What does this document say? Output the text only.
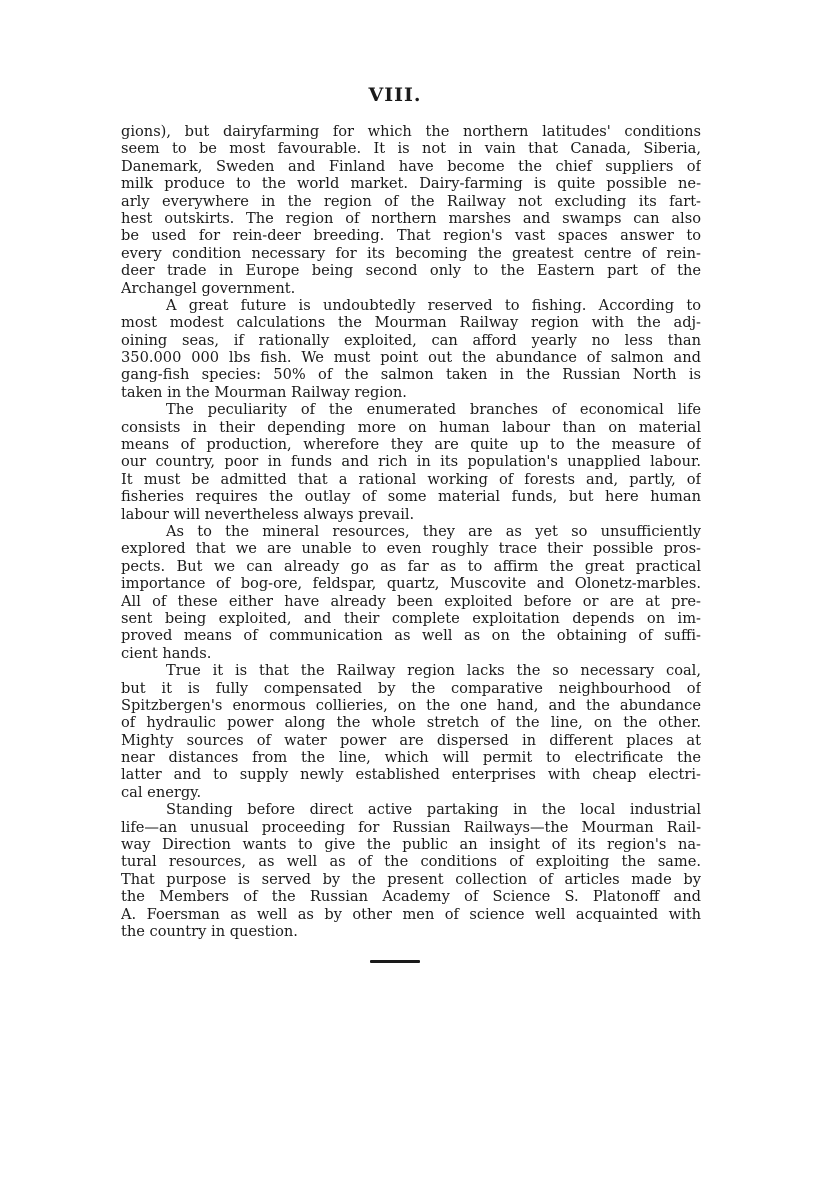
VIII.
gions), but dairyfarming for which the northern latitudes' conditions
seem to be most favourable. It is not in vain that Canada, Siberia,
Danemark, Sweden and Finland have become the chief suppliers of
milk produce to the world market. Dairy-farming is quite possible ne-
arly everywhere in the region of the Railway not excluding its fart-
hest outskirts. The region of northern marshes and swamps can also
be used for rein-deer breeding. That region's vast spaces answer to
every condition necessary for its becoming the greatest centre of rein-
deer trade in Europe being second only to the Eastern part of the
Archangel government.
A great future is undoubtedly reserved to fishing. According to
most modest calculations the Mourman Railway region with the adj-
oining seas, if rationally exploited, can afford yearly no less than
350.000 000 lbs fish. We must point out the abundance of salmon and
gang-fish species: 50% of the salmon taken in the Russian North is
taken in the Mourman Railway region.
The peculiarity of the enumerated branches of economical life
consists in their depending more on human labour than on material
means of production, wherefore they are quite up to the measure of
our country, poor in funds and rich in its population's unapplied labour.
It must be admitted that a rational working of forests and, partly, of
fisheries requires the outlay of some material funds, but here human
labour will nevertheless always prevail.
As to the mineral resources, they are as yet so unsufficiently
explored that we are unable to even roughly trace their possible pros-
pects. But we can already go as far as to affirm the great practical
importance of bog-ore, feldspar, quartz, Muscovite and Olonetz-marbles.
All of these either have already been exploited before or are at pre-
sent being exploited, and their complete exploitation depends on im-
proved means of communication as well as on the obtaining of suffi-
cient hands.
True it is that the Railway region lacks the so necessary coal,
but it is fully compensated by the comparative neighbourhood of
Spitzbergen's enormous collieries, on the one hand, and the abundance
of hydraulic power along the whole stretch of the line, on the other.
Mighty sources of water power are dispersed in different places at
near distances from the line, which will permit to electrificate the
latter and to supply newly established enterprises with cheap electri-
cal energy.
Standing before direct active partaking in the local industrial
life—an unusual proceeding for Russian Railways—the Mourman Rail-
way Direction wants to give the public an insight of its region's na-
tural resources, as well as of the conditions of exploiting the same.
That purpose is served by the present collection of articles made by
the Members of the Russian Academy of Science S. Platonoff and
A. Foersman as well as by other men of science well acquainted with
the country in question.
